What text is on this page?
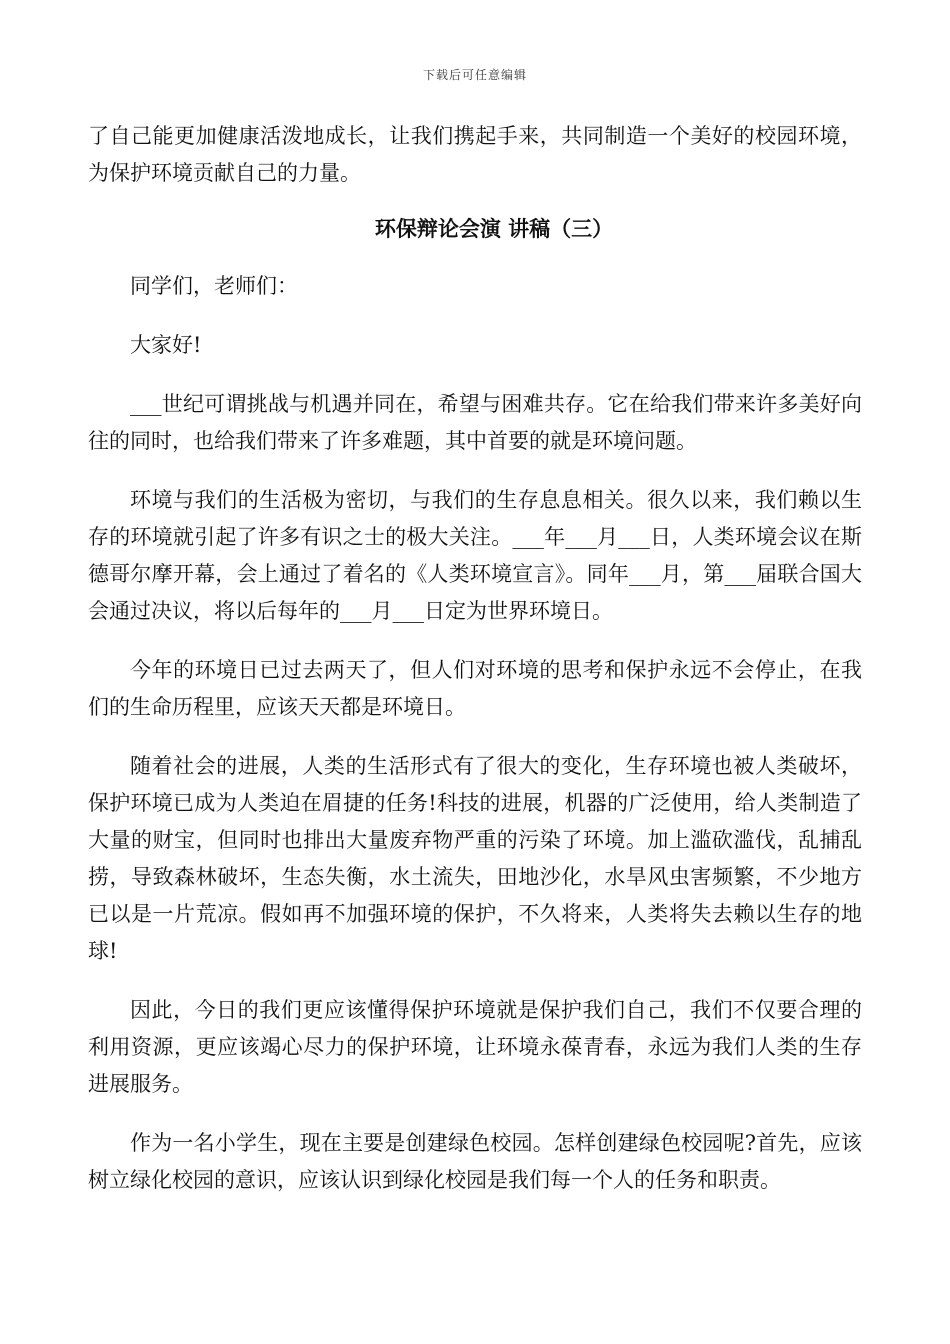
下载后可任意编辑

了自己能更加健康活泼地成长，让我们携起手来，共同制造一个美好的校园环境，为保护环境贡献自己的力量。

环保辩论会演 讲稿（三）

同学们，老师们：

大家好!

___世纪可谓挑战与机遇并同在，希望与困难共存。它在给我们带来许多美好向往的同时，也给我们带来了许多难题，其中首要的就是环境问题。

环境与我们的生活极为密切，与我们的生存息息相关。很久以来，我们赖以生存的环境就引起了许多有识之士的极大关注。___年___月___日，人类环境会议在斯德哥尔摩开幕，会上通过了着名的《人类环境宣言》。同年___月，第___届联合国大会通过决议，将以后每年的___月___日定为世界环境日。

今年的环境日已过去两天了，但人们对环境的思考和保护永远不会停止，在我们的生命历程里，应该天天都是环境日。

随着社会的进展，人类的生活形式有了很大的变化，生存环境也被人类破坏，保护环境已成为人类迫在眉捷的任务!科技的进展，机器的广泛使用，给人类制造了大量的财宝，但同时也排出大量废弃物严重的污染了环境。加上滥砍滥伐，乱捕乱捞，导致森林破坏，生态失衡，水土流失，田地沙化，水旱风虫害频繁，不少地方已以是一片荒凉。假如再不加强环境的保护，不久将来，人类将失去赖以生存的地球!

因此，今日的我们更应该懂得保护环境就是保护我们自己，我们不仅要合理的利用资源，更应该竭心尽力的保护环境，让环境永葆青春，永远为我们人类的生存进展服务。

作为一名小学生，现在主要是创建绿色校园。怎样创建绿色校园呢?首先，应该树立绿化校园的意识，应该认识到绿化校园是我们每一个人的任务和职责。
